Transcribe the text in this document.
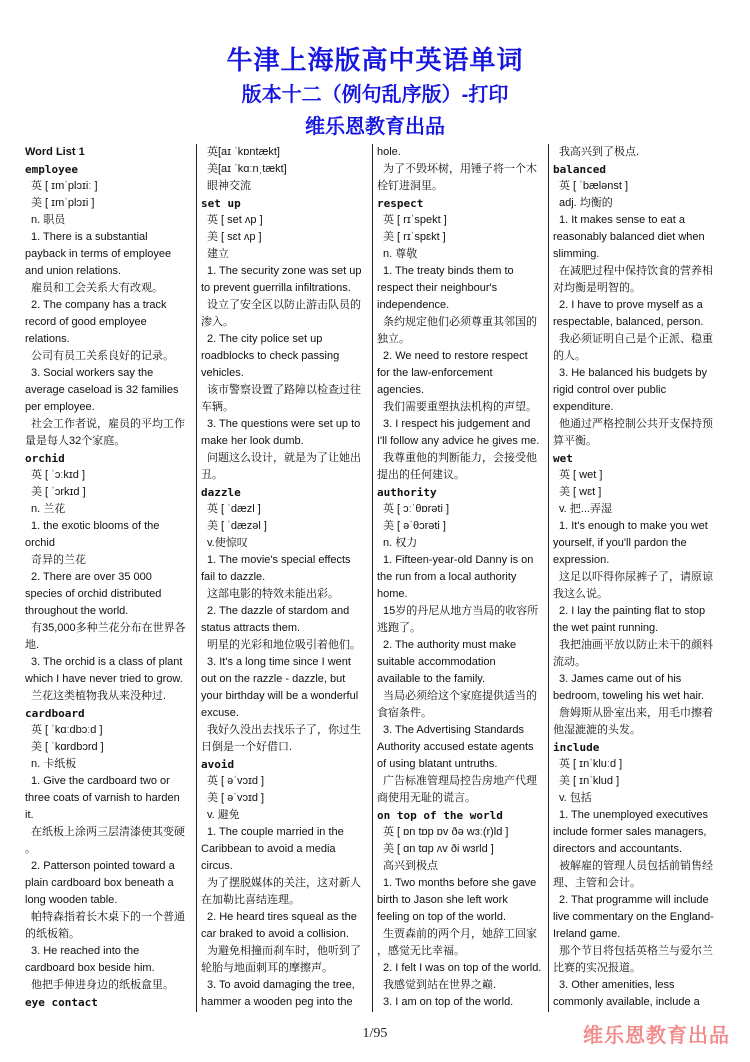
牛津上海版高中英语单词
版本十二（例句乱序版）-打印
维乐恩教育出品
Word List 1
employee
英 [ ɪmˈplɔɪiː ]
美 [ ɪmˈplɔɪi ]
n. 职员
1. There is a substantial
payback in terms of employee
and union relations.
雇员和工会关系大有改观。
2. The company has a track
record of good employee
relations.
公司有员工关系良好的记录。
3. Social workers say the
average caseload is 32 families
per employee.
社会工作者说，雇员的平均工作
量是每人32个家庭。
orchid
英 [ ˈɔːkɪd ]
美 [ ˈɔrkɪd ]
n. 兰花
1. the exotic blooms of the
orchid
奇异的兰花
2. There are over 35 000
species of orchid distributed
throughout the world.
有35,000多种兰花分布在世界各
地.
3. The orchid is a class of plant
which I have never tried to grow.
兰花这类植物我从来没种过.
cardboard
英 [ ˈkɑːdbɔːd ]
美 [ ˈkɑrdbɔrd ]
n. 卡纸板
1. Give the cardboard two or
three coats of varnish to harden
it.
在纸板上涂两三层清漆使其变硬
。
2. Patterson pointed toward a
plain cardboard box beneath a
long wooden table.
帕特森指着长木桌下的一个普通
的纸板箱。
3. He reached into the
cardboard box beside him.
他把手伸进身边的纸板盒里。
eye contact
英[aɪ ˈkɒntækt]
美[aɪ ˈkɑːnˌtækt]
眼神交流
set up
英 [ set ʌp ]
美 [ sɛt ʌp ]
建立
1. The security zone was set up
to prevent guerrilla infiltrations.
设立了安全区以防止游击队员的
渗入。
2. The city police set up
roadblocks to check passing
vehicles.
该市警察设置了路障以检查过往
车辆。
3. The questions were set up to
make her look dumb.
问题这么设计，就是为了让她出
丑。
dazzle
英 [ ˈdæzl ]
美 [ ˈdæzəl ]
v.使惊叹
1. The movie's special effects
fail to dazzle.
这部电影的特效未能出彩。
2. The dazzle of stardom and
status attracts them.
明星的光彩和地位吸引着他们。
3. It's a long time since I went
out on the razzle - dazzle, but
your birthday will be a wonderful
excuse.
我好久没出去找乐子了，你过生
日倒是一个好借口.
avoid
英 [ əˈvɔɪd ]
美 [ əˈvɔɪd ]
v. 避免
1. The couple married in the
Caribbean to avoid a media
circus.
为了摆脱媒体的关注，这对新人
在加勒比喜结连理。
2. He heard tires squeal as the
car braked to avoid a collision.
为避免相撞而刹车时，他听到了
轮胎与地面刺耳的摩擦声。
3. To avoid damaging the tree,
hammer a wooden peg into the
hole.
为了不毁坏树，用锤子将一个木
栓钉进洞里。
respect
英 [ rɪˈspekt ]
美 [ rɪˈspɛkt ]
n. 尊敬
1. The treaty binds them to
respect their neighbour's
independence.
条约规定他们必须尊重其邻国的
独立。
2. We need to restore respect
for the law-enforcement
agencies.
我们需要重塑执法机构的声望。
3. I respect his judgement and
I'll follow any advice he gives me.
我尊重他的判断能力，会接受他
提出的任何建议。
authority
英 [ ɔːˈθɒrəti ]
美 [ əˈθɔrəti ]
n. 权力
1. Fifteen-year-old Danny is on
the run from a local authority
home.
15岁的丹尼从地方当局的收容所
逃跑了。
2. The authority must make
suitable accommodation
available to the family.
当局必须给这个家庭提供适当的
食宿条件。
3. The Advertising Standards
Authority accused estate agents
of using blatant untruths.
广告标准管理局控告房地产代理
商使用无耻的谎言。
on top of the world
英 [ ɒn tɒp ɒv ðə wɜː(r)ld ]
美 [ ɑn tɑp ʌv ði wɜrld ]
高兴到极点
1. Two months before she gave
birth to Jason she left work
feeling on top of the world.
生贾森前的两个月，她辞工回家
，感觉无比幸福。
2. I felt I was on top of the world.
我感觉到站在世界之巅.
3. I am on top of the world.
我高兴到了极点.
balanced
英 [ ˈbælənst ]
adj. 均衡的
1. It makes sense to eat a
reasonably balanced diet when
slimming.
在减肥过程中保持饮食的营养相
对均衡是明智的。
2. I have to prove myself as a
respectable, balanced, person.
我必须证明自己是个正派、稳重
的人。
3. He balanced his budgets by
rigid control over public
expenditure.
他通过严格控制公共开支保持预
算平衡。
wet
英 [ wet ]
美 [ wɛt ]
v. 把...弄湿
1. It's enough to make you wet
yourself, if you'll pardon the
expression.
这足以吓得你尿裤子了，请原谅
我这么说。
2. I lay the painting flat to stop
the wet paint running.
我把油画平放以防止未干的颜料
流动。
3. James came out of his
bedroom, toweling his wet hair.
詹姆斯从卧室出来，用毛巾擦着
他湿漉漉的头发。
include
英 [ ɪnˈkluːd ]
美 [ ɪnˈklud ]
v. 包括
1. The unemployed executives
include former sales managers,
directors and accountants.
被解雇的管理人员包括前销售经
理、主管和会计。
2. That programme will include
live commentary on the England-
Ireland game.
那个节目将包括英格兰与爱尔兰
比赛的实况报道。
3. Other amenities, less
commonly available, include a
1/95	维乐恩教育出品
